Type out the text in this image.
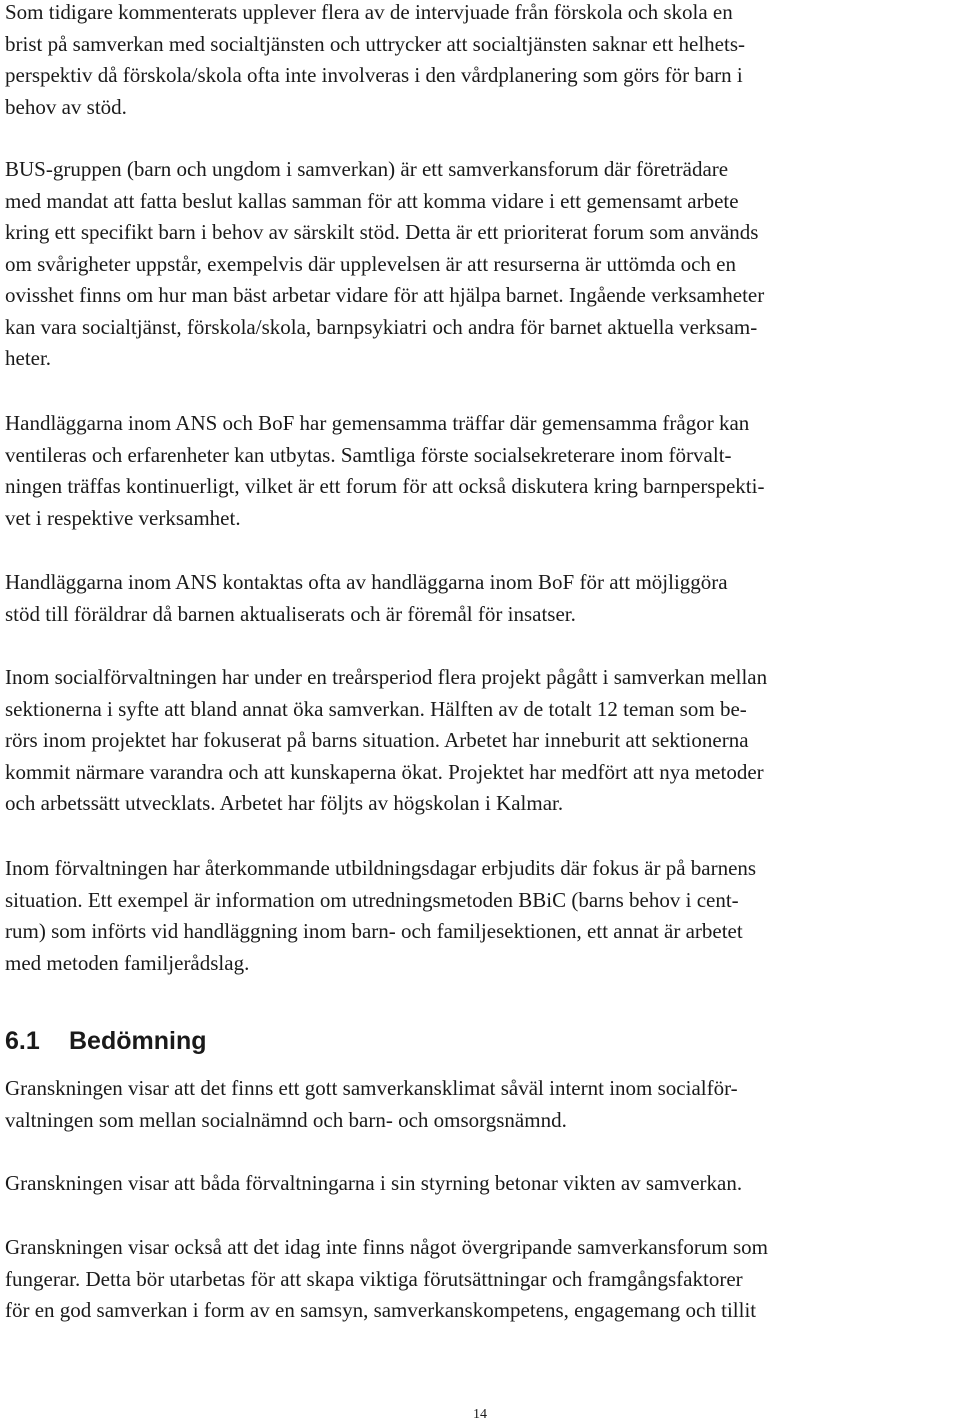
Som tidigare kommenterats upplever flera av de intervjuade från förskola och skola en
brist på samverkan med socialtjänsten och uttrycker att socialtjänsten saknar ett helhets-
perspektiv då förskola/skola ofta inte involveras i den vårdplanering som görs för barn i
behov av stöd.

BUS-gruppen (barn och ungdom i samverkan) är ett samverkansforum där företrädare
med mandat att fatta beslut kallas samman för att komma vidare i ett gemensamt arbete
kring ett specifikt barn i behov av särskilt stöd. Detta är ett prioriterat forum som används
om svårigheter uppstår, exempelvis där upplevelsen är att resurserna är uttömda och en
ovisshet finns om hur man bäst arbetar vidare för att hjälpa barnet. Ingående verksamheter
kan vara socialtjänst, förskola/skola, barnpsykiatri och andra för barnet aktuella verksam-
heter.

Handläggarna inom ANS och BoF har gemensamma träffar där gemensamma frågor kan
ventileras och erfarenheter kan utbytas. Samtliga förste socialsekreterare inom förvalt-
ningen träffas kontinuerligt, vilket är ett forum för att också diskutera kring barnperspekti-
vet i respektive verksamhet.

Handläggarna inom ANS kontaktas ofta av handläggarna inom BoF för att möjliggöra
stöd till föräldrar då barnen aktualiserats och är föremål för insatser.

Inom socialförvaltningen har under en treårsperiod flera projekt pågått i samverkan mellan
sektionerna i syfte att bland annat öka samverkan. Hälften av de totalt 12 teman som be-
rörs inom projektet har fokuserat på barns situation. Arbetet har inneburit att sektionerna
kommit närmare varandra och att kunskaperna ökat. Projektet har medfört att nya metoder
och arbetssätt utvecklats. Arbetet har följts av högskolan i Kalmar.

Inom förvaltningen har återkommande utbildningsdagar erbjudits där fokus är på barnens
situation. Ett exempel är information om utredningsmetoden BBiC (barns behov i cent-
rum) som införts vid handläggning inom barn- och familjesektionen, ett annat är arbetet
med metoden familjerådslag.

6.1 Bedömning

Granskningen visar att det finns ett gott samverkansklimat såväl internt inom socialför-
valtningen som mellan socialnämnd och barn- och omsorgsnämnd.

Granskningen visar att båda förvaltningarna i sin styrning betonar vikten av samverkan.

Granskningen visar också att det idag inte finns något övergripande samverkansforum som
fungerar. Detta bör utarbetas för att skapa viktiga förutsättningar och framgångsfaktorer
för en god samverkan i form av en samsyn, samverkanskompetens, engagemang och tillit

14
